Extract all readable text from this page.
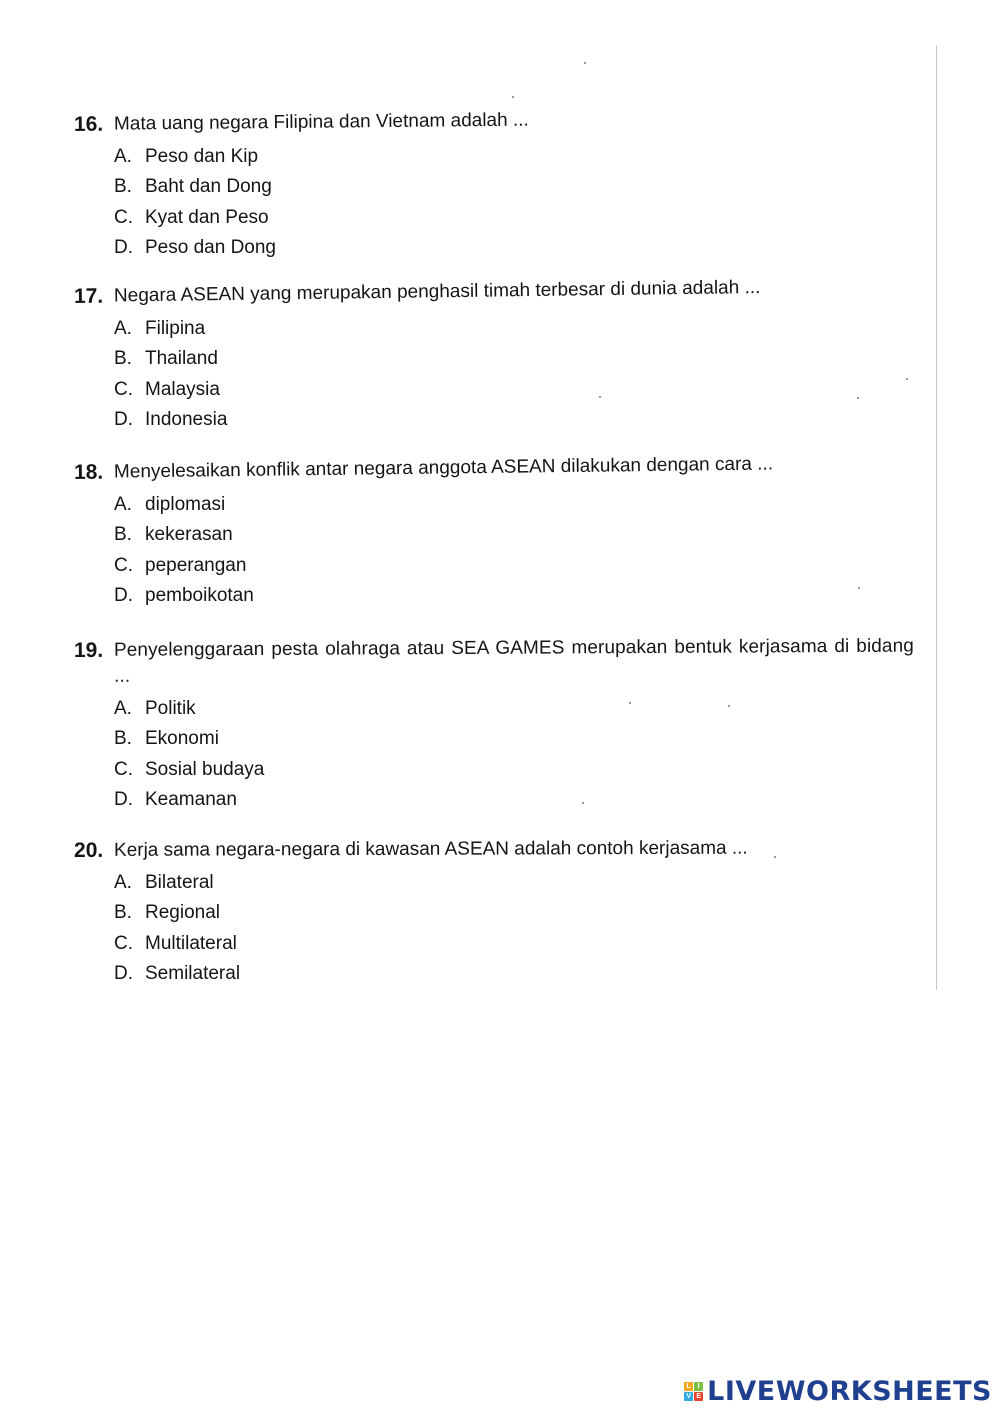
16. Mata uang negara Filipina dan Vietnam adalah ...
A. Peso dan Kip
B. Baht dan Dong
C. Kyat dan Peso
D. Peso dan Dong
17. Negara ASEAN yang merupakan penghasil timah terbesar di dunia adalah ...
A. Filipina
B. Thailand
C. Malaysia
D. Indonesia
18. Menyelesaikan konflik antar negara anggota ASEAN dilakukan dengan cara ...
A. diplomasi
B. kekerasan
C. peperangan
D. pemboikotan
19. Penyelenggaraan pesta olahraga atau SEA GAMES merupakan bentuk kerjasama di bidang ...
A. Politik
B. Ekonomi
C. Sosial budaya
D. Keamanan
20. Kerja sama negara-negara di kawasan ASEAN adalah contoh kerjasama ...
A. Bilateral
B. Regional
C. Multilateral
D. Semilateral
L I
V E LIVEWORKSHEETS
